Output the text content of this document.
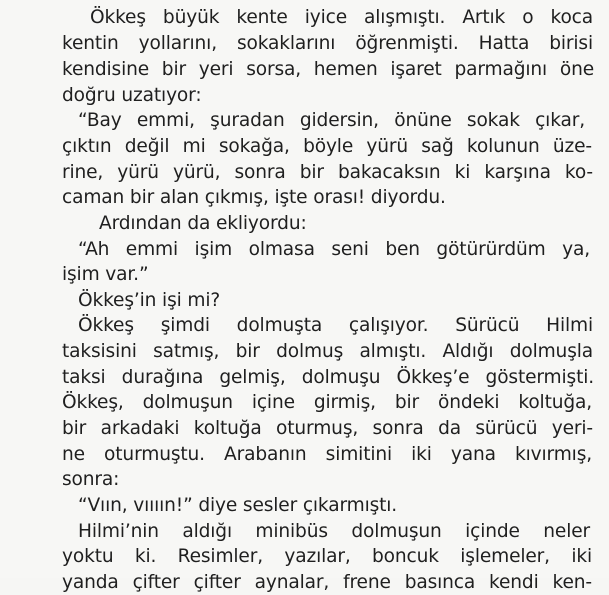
Ökkeş büyük kente iyice alışmıştı. Artık o koca
kentin yollarını, sokaklarını öğrenmişti. Hatta birisi
kendisine bir yeri sorsa, hemen işaret parmağını öne
doğru uzatıyor:
“Bay emmi, şuradan gidersin, önüne sokak çıkar,
çıktın değil mi sokağa, böyle yürü sağ kolunun üze-
rine, yürü yürü, sonra bir bakacaksın ki karşına ko-
caman bir alan çıkmış, işte orası! diyordu.
Ardından da ekliyordu:
“Ah emmi işim olmasa seni ben götürürdüm ya,
işim var.”
Ökkeş’in işi mi?
Ökkeş şimdi dolmuşta çalışıyor. Sürücü Hilmi
taksisini satmış, bir dolmuş almıştı. Aldığı dolmuşla
taksi durağına gelmiş, dolmuşu Ökkeş’e göstermişti.
Ökkeş, dolmuşun içine girmiş, bir öndeki koltuğa,
bir arkadaki koltuğa oturmuş, sonra da sürücü yeri-
ne oturmuştu. Arabanın simitini iki yana kıvırmış,
sonra:
“Vıın, vıııın!” diye sesler çıkarmıştı.
Hilmi’nin aldığı minibüs dolmuşun içinde neler
yoktu ki. Resimler, yazılar, boncuk işlemeler, iki
yanda çifter çifter aynalar, frene basınca kendi ken-
